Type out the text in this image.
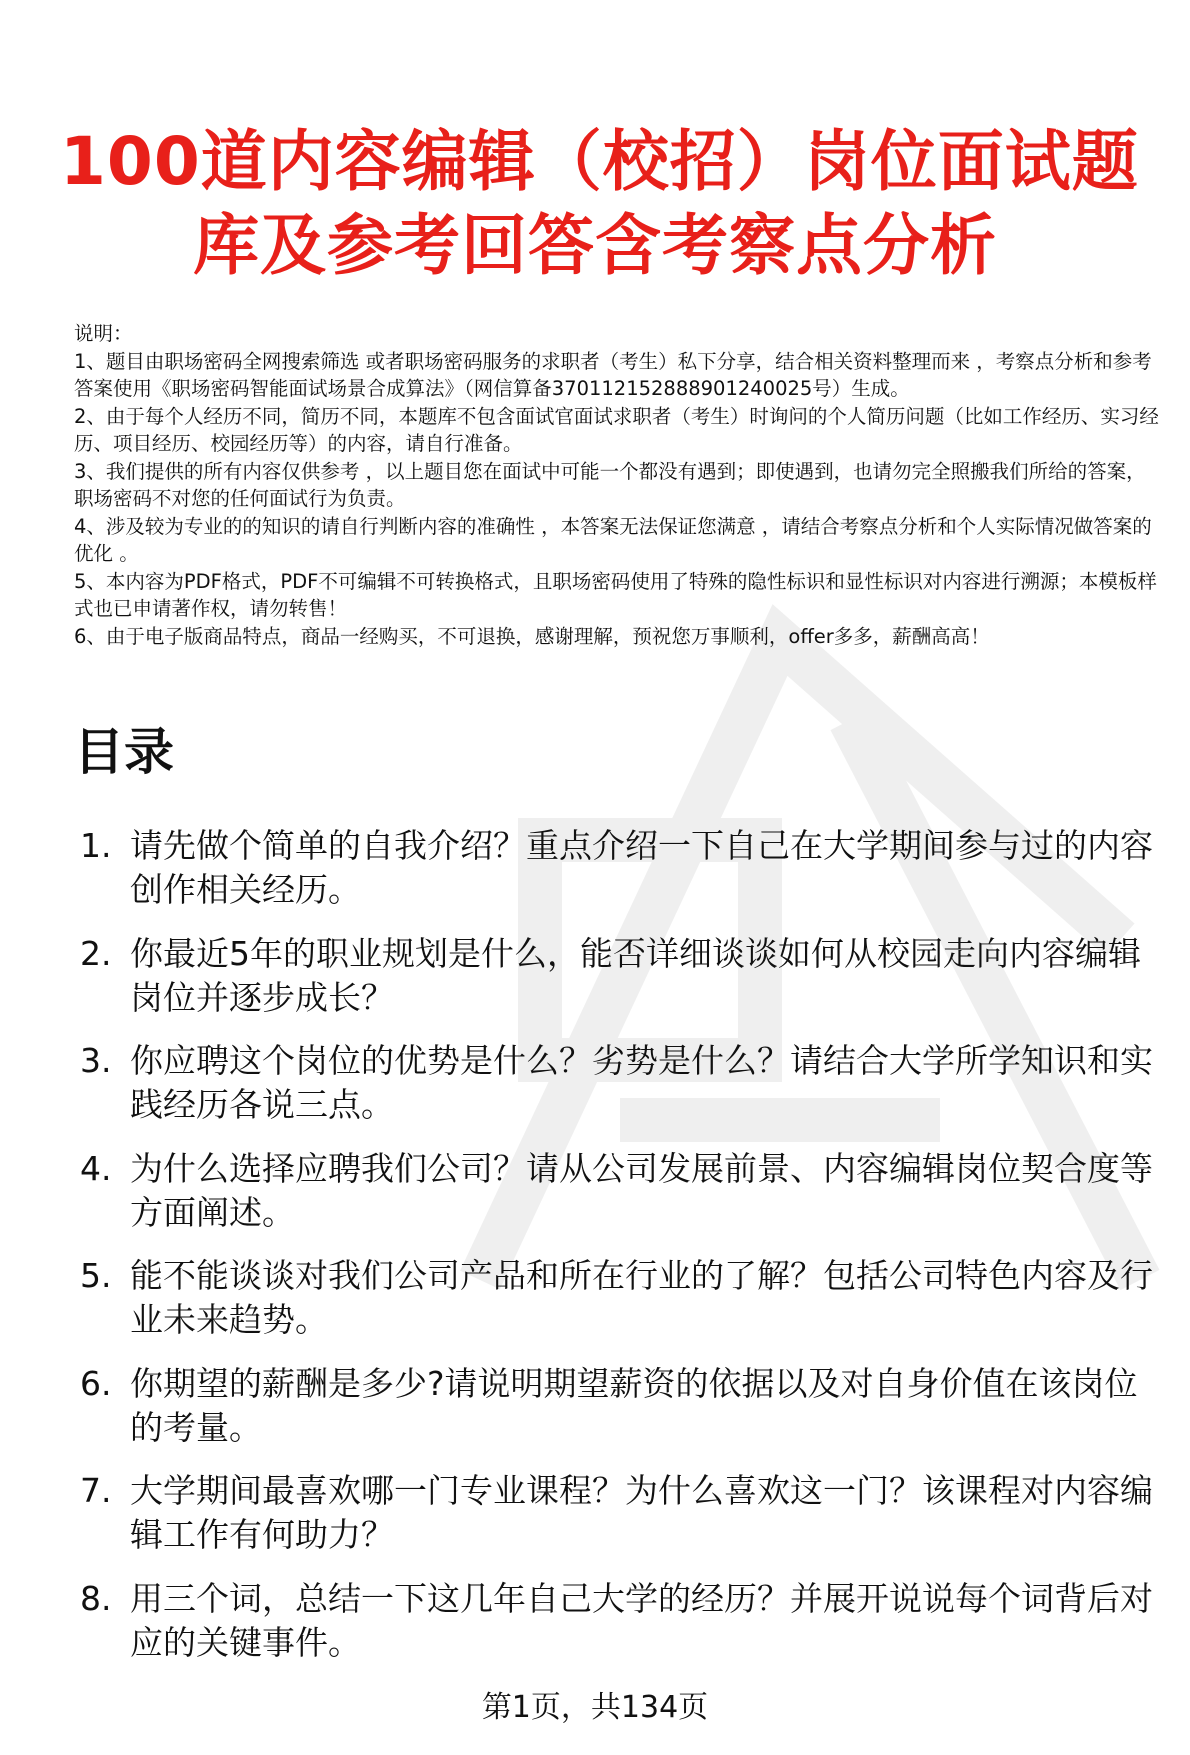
100道内容编辑（校招）岗位面试题
库及参考回答含考察点分析
说明：
1、题目由职场密码全网搜索筛选 或者职场密码服务的求职者（考生）私下分享，结合相关资料整理而来 ，考察点分析和参考答案使用《职场密码智能面试场景合成算法》（网信算备370112152888901240025号）生成。
2、由于每个人经历不同，简历不同，本题库不包含面试官面试求职者（考生）时询问的个人简历问题（比如工作经历、实习经历、项目经历、校园经历等）的内容，请自行准备。
3、我们提供的所有内容仅供参考 ，以上题目您在面试中可能一个都没有遇到；即使遇到，也请勿完全照搬我们所给的答案，职场密码不对您的任何面试行为负责。
4、涉及较为专业的的知识的请自行判断内容的准确性 ，本答案无法保证您满意 ，请结合考察点分析和个人实际情况做答案的优化 。
5、本内容为PDF格式，PDF不可编辑不可转换格式，且职场密码使用了特殊的隐性标识和显性标识对内容进行溯源；本模板样式也已申请著作权，请勿转售！
6、由于电子版商品特点，商品一经购买，不可退换，感谢理解，预祝您万事顺利，offer多多，薪酬高高！
目录
1. 请先做个简单的自我介绍？重点介绍一下自己在大学期间参与过的内容创作相关经历。
2. 你最近5年的职业规划是什么，能否详细谈谈如何从校园走向内容编辑岗位并逐步成长？
3. 你应聘这个岗位的优势是什么？劣势是什么？请结合大学所学知识和实践经历各说三点。
4. 为什么选择应聘我们公司？请从公司发展前景、内容编辑岗位契合度等方面阐述。
5. 能不能谈谈对我们公司产品和所在行业的了解？包括公司特色内容及行业未来趋势。
6. 你期望的薪酬是多少?请说明期望薪资的依据以及对自身价值在该岗位的考量。
7. 大学期间最喜欢哪一门专业课程？为什么喜欢这一门？该课程对内容编辑工作有何助力？
8. 用三个词，总结一下这几年自己大学的经历？并展开说说每个词背后对应的关键事件。
第1页，共134页
